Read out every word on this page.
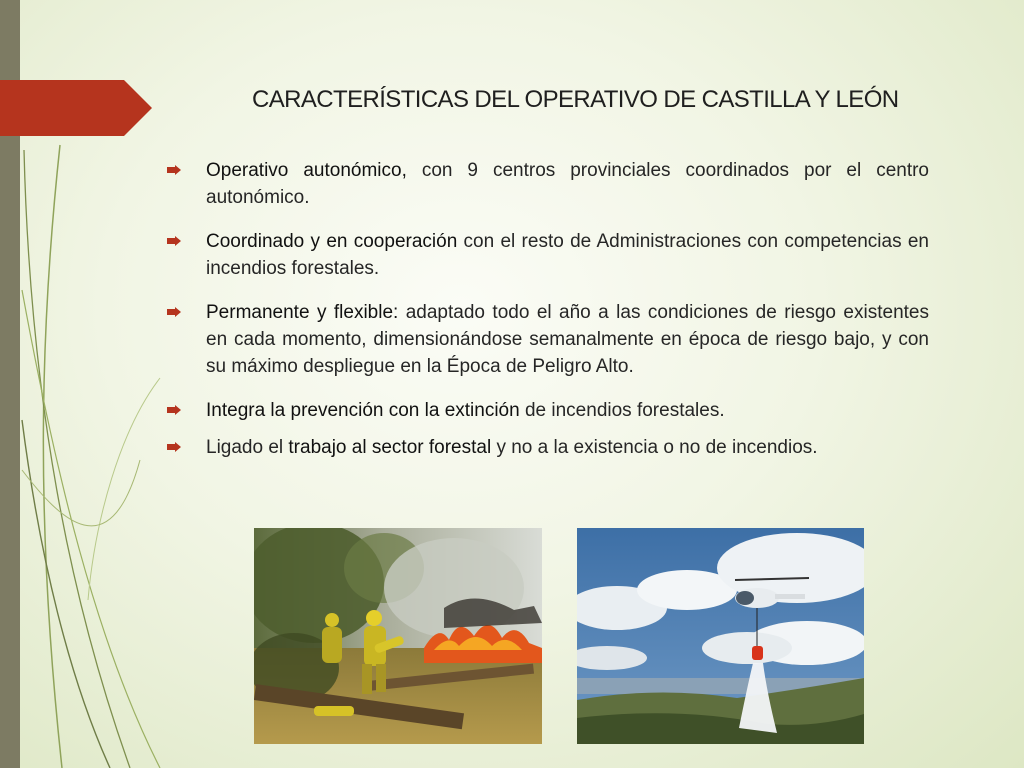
CARACTERÍSTICAS DEL OPERATIVO DE CASTILLA Y LEÓN
Operativo autonómico, con 9 centros provinciales coordinados por el centro autonómico.
Coordinado y en cooperación con el resto de Administraciones con competencias en incendios forestales.
Permanente y flexible: adaptado todo el año a las condiciones de riesgo existentes en cada momento, dimensionándose semanalmente en época de riesgo bajo, y con su máximo despliegue en la Época de Peligro Alto.
Integra la prevención con la extinción de incendios forestales.
Ligado el trabajo al sector forestal y no a la existencia o no de incendios.
